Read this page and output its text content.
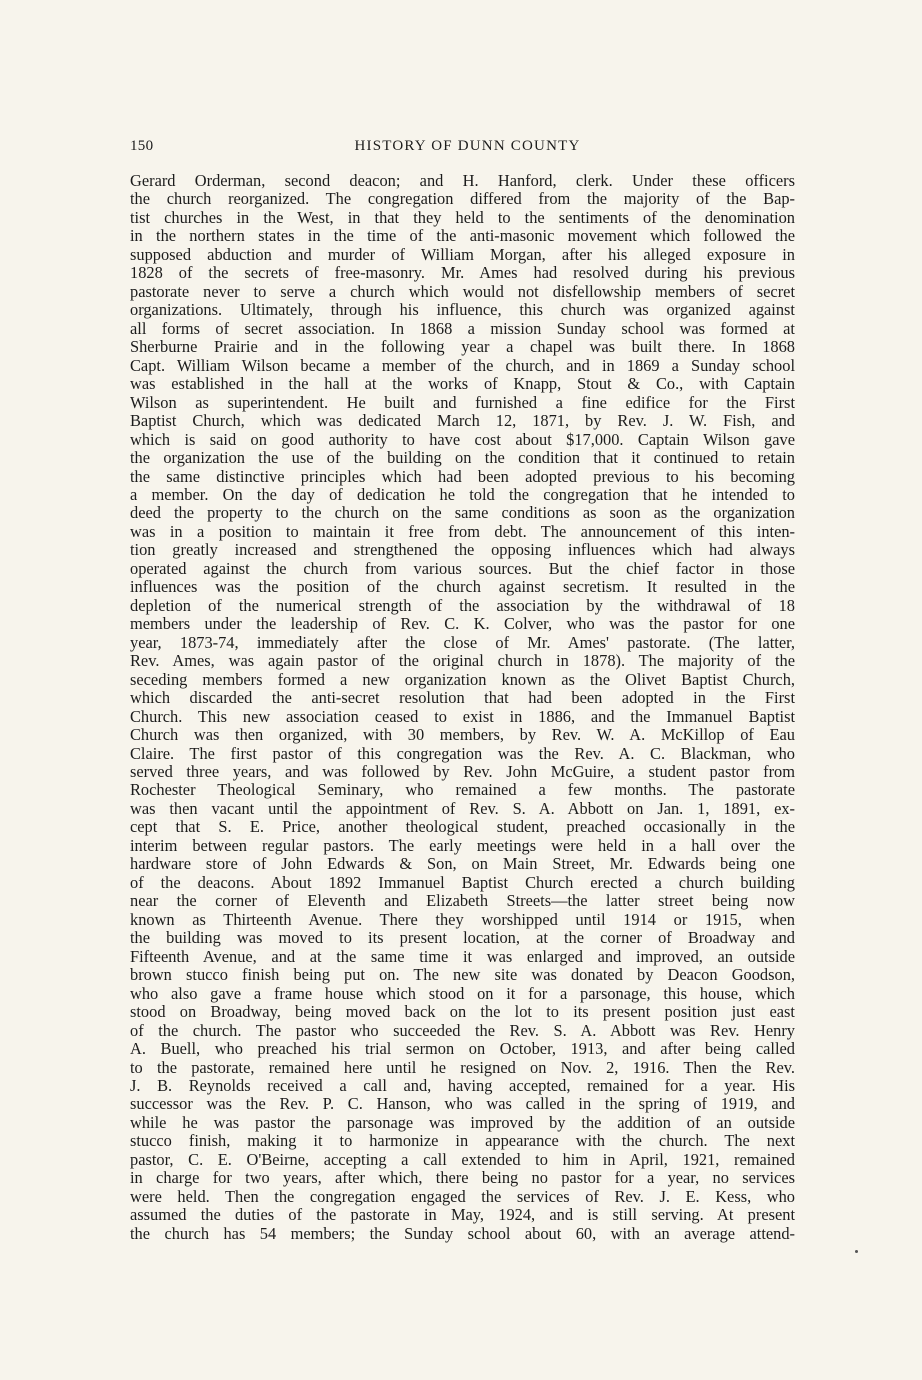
150	HISTORY OF DUNN COUNTY
Gerard Orderman, second deacon; and H. Hanford, clerk. Under these officers
the church reorganized. The congregation differed from the majority of the Bap-
tist churches in the West, in that they held to the sentiments of the denomination
in the northern states in the time of the anti-masonic movement which followed the
supposed abduction and murder of William Morgan, after his alleged exposure in
1828 of the secrets of free-masonry. Mr. Ames had resolved during his previous
pastorate never to serve a church which would not disfellowship members of secret
organizations. Ultimately, through his influence, this church was organized against
all forms of secret association. In 1868 a mission Sunday school was formed at
Sherburne Prairie and in the following year a chapel was built there. In 1868
Capt. William Wilson became a member of the church, and in 1869 a Sunday school
was established in the hall at the works of Knapp, Stout & Co., with Captain
Wilson as superintendent. He built and furnished a fine edifice for the First
Baptist Church, which was dedicated March 12, 1871, by Rev. J. W. Fish, and
which is said on good authority to have cost about $17,000. Captain Wilson gave
the organization the use of the building on the condition that it continued to retain
the same distinctive principles which had been adopted previous to his becoming
a member. On the day of dedication he told the congregation that he intended to
deed the property to the church on the same conditions as soon as the organization
was in a position to maintain it free from debt. The announcement of this inten-
tion greatly increased and strengthened the opposing influences which had always
operated against the church from various sources. But the chief factor in those
influences was the position of the church against secretism. It resulted in the
depletion of the numerical strength of the association by the withdrawal of 18
members under the leadership of Rev. C. K. Colver, who was the pastor for one
year, 1873-74, immediately after the close of Mr. Ames' pastorate. (The latter,
Rev. Ames, was again pastor of the original church in 1878). The majority of the
seceding members formed a new organization known as the Olivet Baptist Church,
which discarded the anti-secret resolution that had been adopted in the First
Church. This new association ceased to exist in 1886, and the Immanuel Baptist
Church was then organized, with 30 members, by Rev. W. A. McKillop of Eau
Claire. The first pastor of this congregation was the Rev. A. C. Blackman, who
served three years, and was followed by Rev. John McGuire, a student pastor from
Rochester Theological Seminary, who remained a few months. The pastorate
was then vacant until the appointment of Rev. S. A. Abbott on Jan. 1, 1891, ex-
cept that S. E. Price, another theological student, preached occasionally in the
interim between regular pastors. The early meetings were held in a hall over the
hardware store of John Edwards & Son, on Main Street, Mr. Edwards being one
of the deacons. About 1892 Immanuel Baptist Church erected a church building
near the corner of Eleventh and Elizabeth Streets—the latter street being now
known as Thirteenth Avenue. There they worshipped until 1914 or 1915, when
the building was moved to its present location, at the corner of Broadway and
Fifteenth Avenue, and at the same time it was enlarged and improved, an outside
brown stucco finish being put on. The new site was donated by Deacon Goodson,
who also gave a frame house which stood on it for a parsonage, this house, which
stood on Broadway, being moved back on the lot to its present position just east
of the church. The pastor who succeeded the Rev. S. A. Abbott was Rev. Henry
A. Buell, who preached his trial sermon on October, 1913, and after being called
to the pastorate, remained here until he resigned on Nov. 2, 1916. Then the Rev.
J. B. Reynolds received a call and, having accepted, remained for a year. His
successor was the Rev. P. C. Hanson, who was called in the spring of 1919, and
while he was pastor the parsonage was improved by the addition of an outside
stucco finish, making it to harmonize in appearance with the church. The next
pastor, C. E. O'Beirne, accepting a call extended to him in April, 1921, remained
in charge for two years, after which, there being no pastor for a year, no services
were held. Then the congregation engaged the services of Rev. J. E. Kess, who
assumed the duties of the pastorate in May, 1924, and is still serving. At present
the church has 54 members; the Sunday school about 60, with an average attend-
